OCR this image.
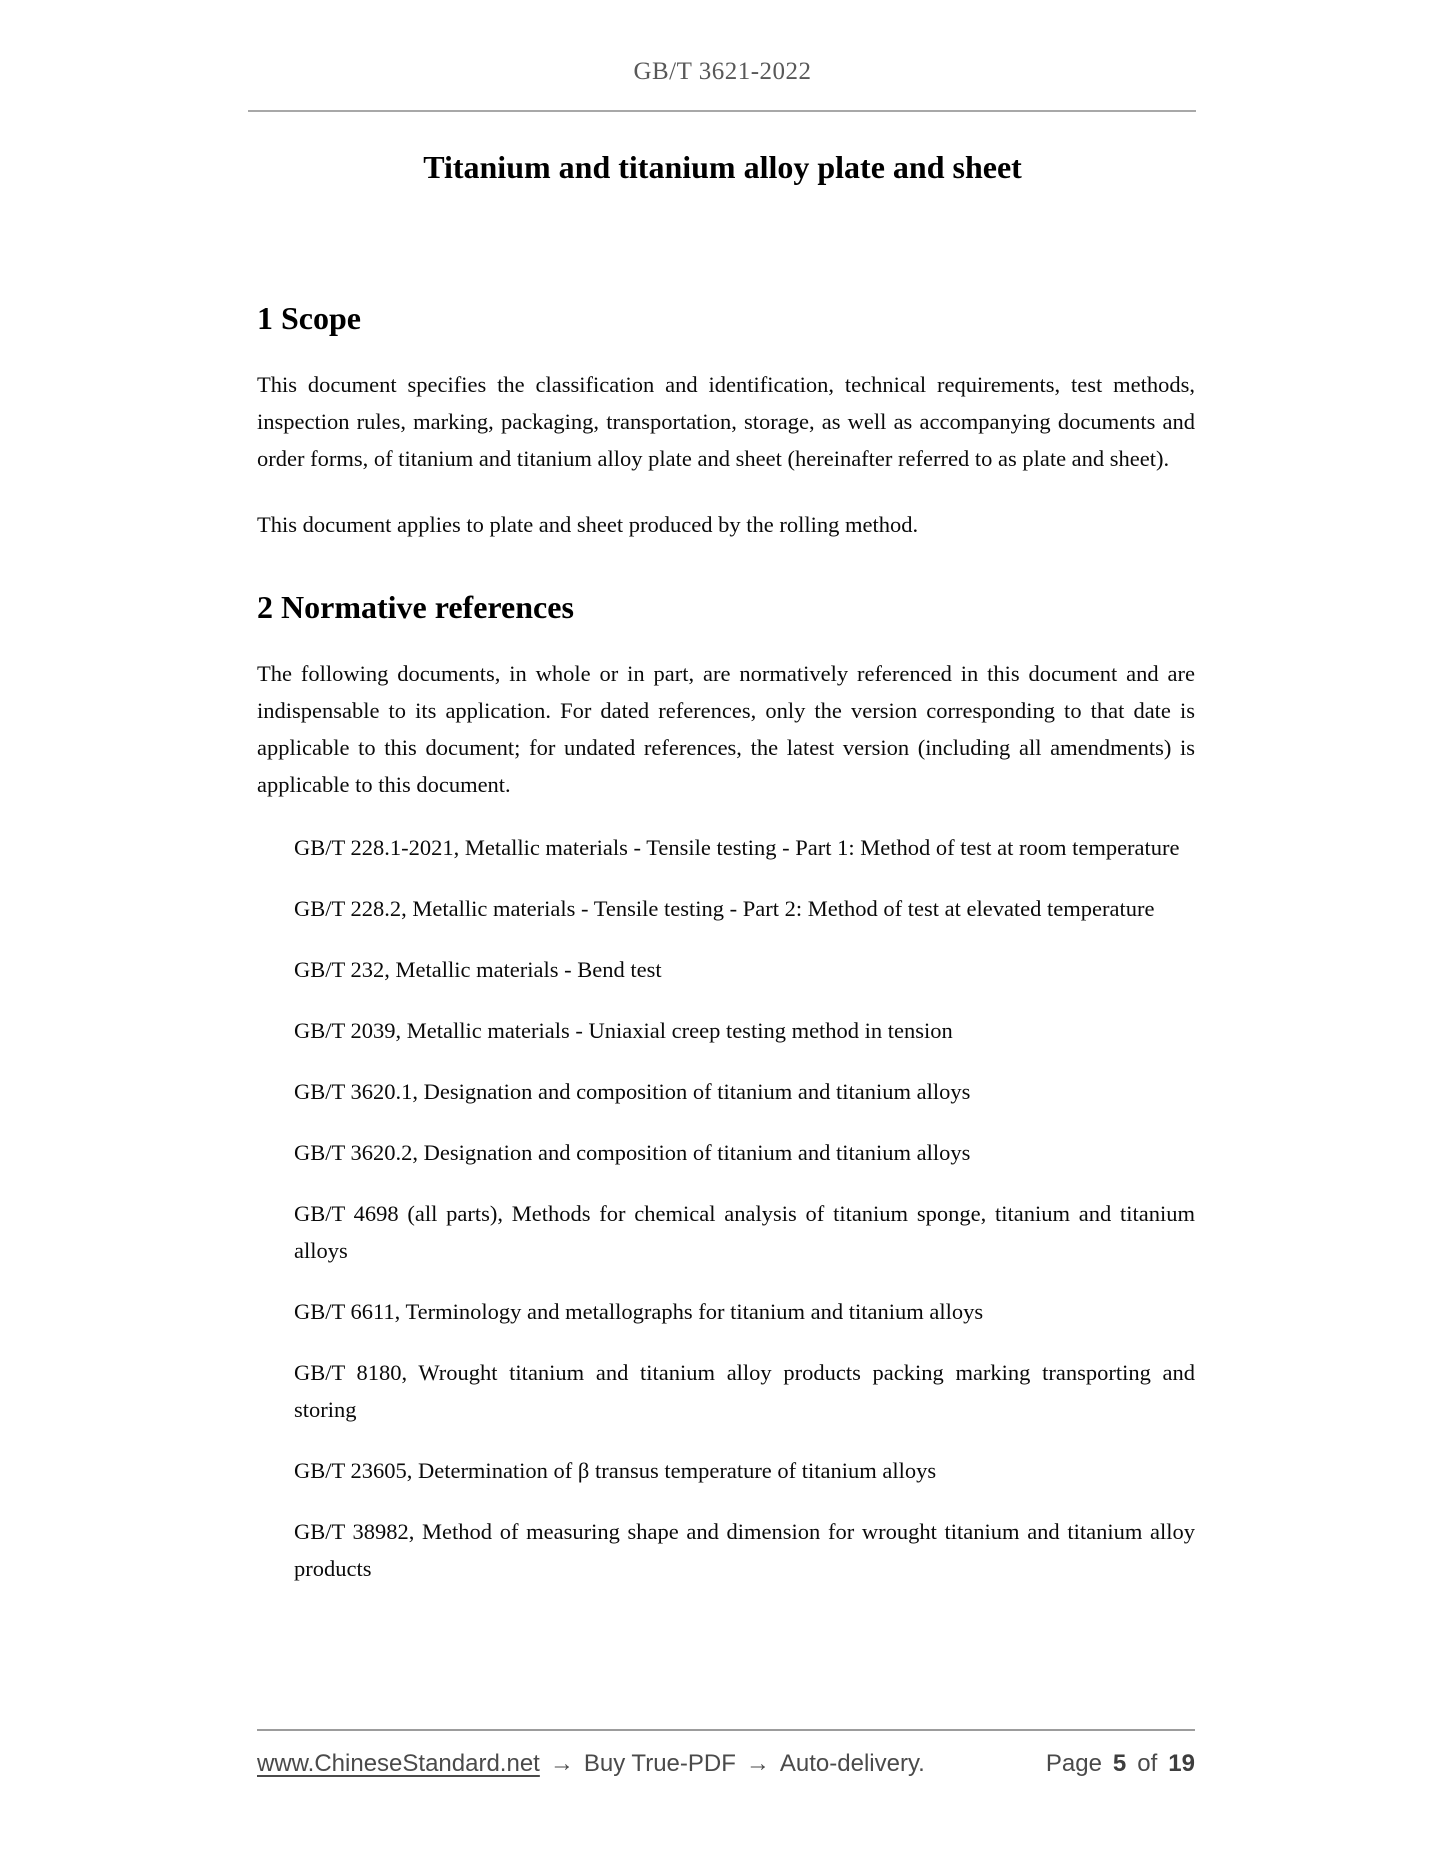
GB/T 3621-2022
Titanium and titanium alloy plate and sheet
1 Scope

This document specifies the classification and identification, technical requirements, test methods, inspection rules, marking, packaging, transportation, storage, as well as accompanying documents and order forms, of titanium and titanium alloy plate and sheet (hereinafter referred to as plate and sheet).

This document applies to plate and sheet produced by the rolling method.

2 Normative references

The following documents, in whole or in part, are normatively referenced in this document and are indispensable to its application. For dated references, only the version corresponding to that date is applicable to this document; for undated references, the latest version (including all amendments) is applicable to this document.

GB/T 228.1-2021, Metallic materials - Tensile testing - Part 1: Method of test at room temperature

GB/T 228.2, Metallic materials - Tensile testing - Part 2: Method of test at elevated temperature

GB/T 232, Metallic materials - Bend test

GB/T 2039, Metallic materials - Uniaxial creep testing method in tension

GB/T 3620.1, Designation and composition of titanium and titanium alloys

GB/T 3620.2, Designation and composition of titanium and titanium alloys

GB/T 4698 (all parts), Methods for chemical analysis of titanium sponge, titanium and titanium alloys

GB/T 6611, Terminology and metallographs for titanium and titanium alloys

GB/T 8180, Wrought titanium and titanium alloy products packing marking transporting and storing

GB/T 23605, Determination of β transus temperature of titanium alloys

GB/T 38982, Method of measuring shape and dimension for wrought titanium and titanium alloy products

www.ChineseStandard.net → Buy True-PDF → Auto-delivery.	Page 5 of 19
